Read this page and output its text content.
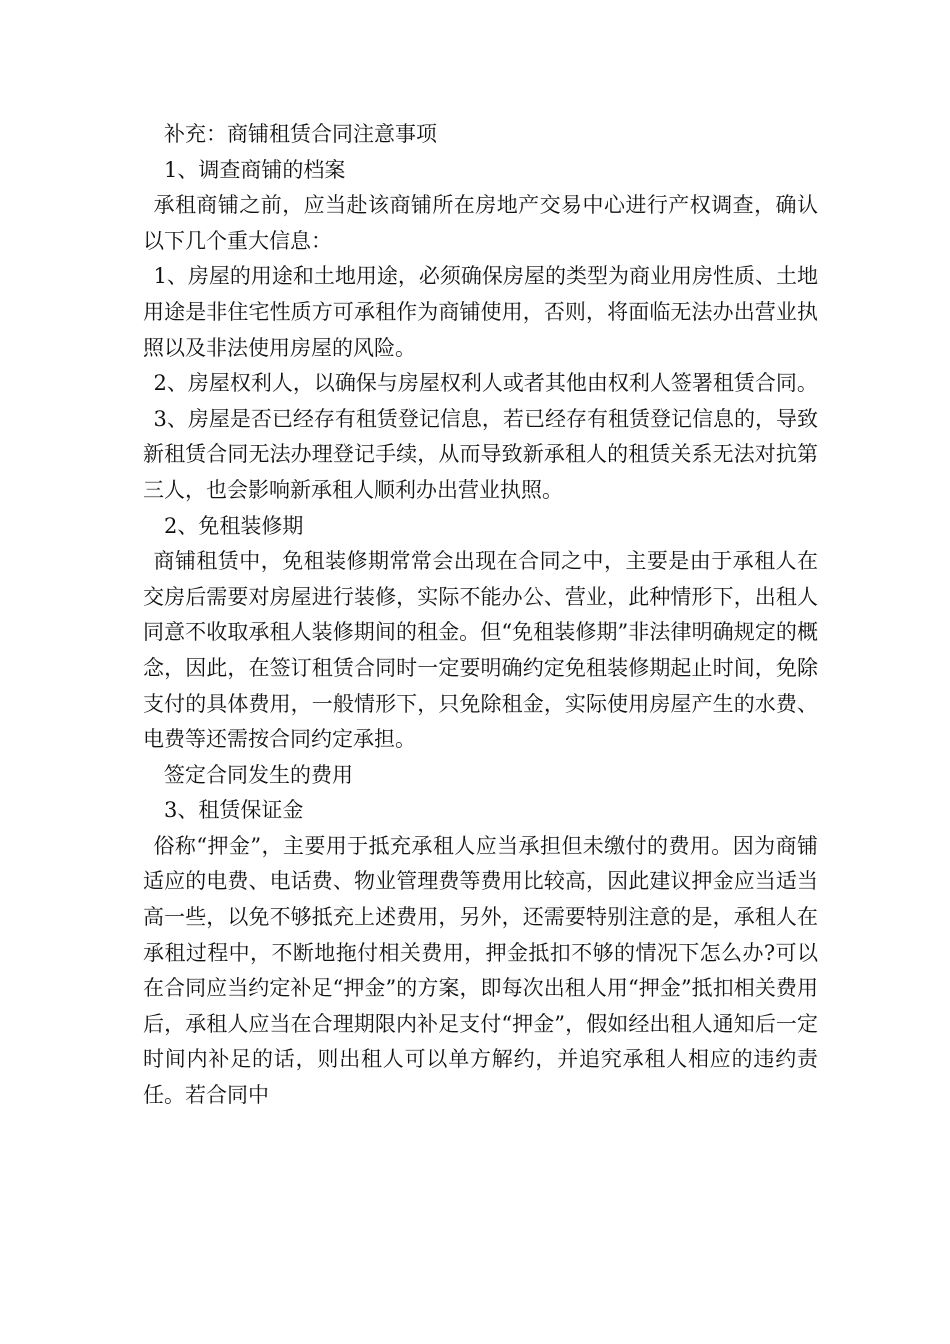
补充：商铺租赁合同注意事项

1、调查商铺的档案

承租商铺之前，应当赴该商铺所在房地产交易中心进行产权调查，确认以下几个重大信息：

1、房屋的用途和土地用途，必须确保房屋的类型为商业用房性质、土地用途是非住宅性质方可承租作为商铺使用，否则，将面临无法办出营业执照以及非法使用房屋的风险。

2、房屋权利人，以确保与房屋权利人或者其他由权利人签署租赁合同。

3、房屋是否已经存有租赁登记信息，若已经存有租赁登记信息的，导致新租赁合同无法办理登记手续，从而导致新承租人的租赁关系无法对抗第三人，也会影响新承租人顺利办出营业执照。

2、免租装修期

商铺租赁中，免租装修期常常会出现在合同之中，主要是由于承租人在交房后需要对房屋进行装修，实际不能办公、营业，此种情形下，出租人同意不收取承租人装修期间的租金。但“免租装修期”非法律明确规定的概念，因此，在签订租赁合同时一定要明确约定免租装修期起止时间，免除支付的具体费用，一般情形下，只免除租金，实际使用房屋产生的水费、电费等还需按合同约定承担。

签定合同发生的费用

3、租赁保证金

俗称“押金”，主要用于抵充承租人应当承担但未缴付的费用。因为商铺适应的电费、电话费、物业管理费等费用比较高，因此建议押金应当适当高一些，以免不够抵充上述费用，另外，还需要特别注意的是，承租人在承租过程中，不断地拖付相关费用，押金抵扣不够的情况下怎么办?可以在合同应当约定补足“押金”的方案，即每次出租人用“押金”抵扣相关费用后，承租人应当在合理期限内补足支付“押金”，假如经出租人通知后一定时间内补足的话，则出租人可以单方解约，并追究承租人相应的违约责任。若合同中
